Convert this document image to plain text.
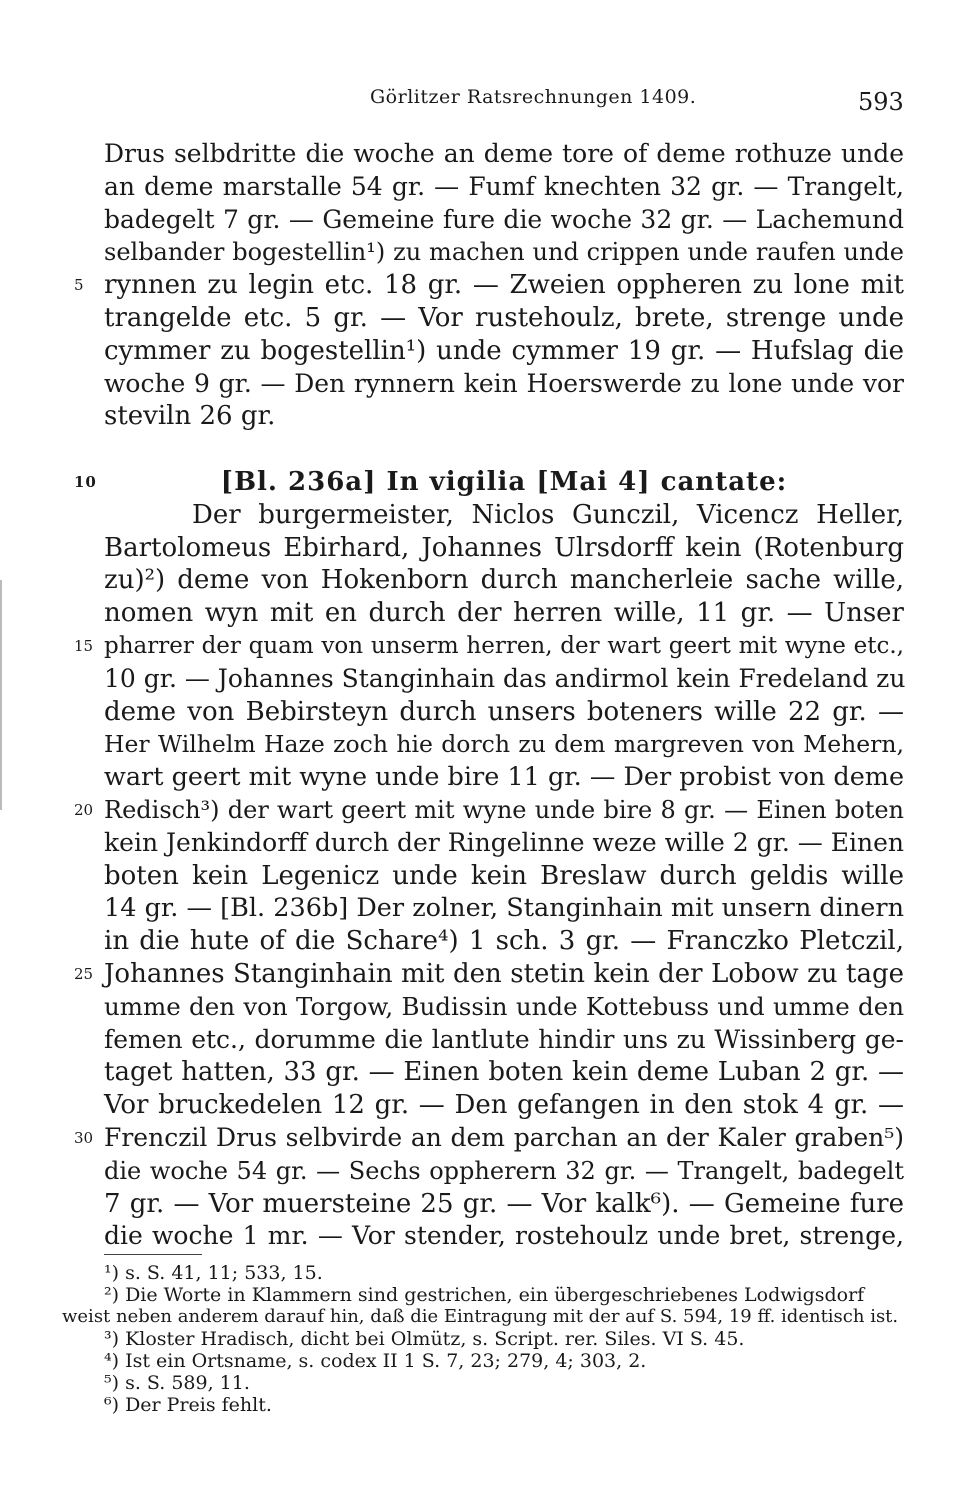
Görlitzer Ratsrechnungen 1409.	593
Drus selbdritte die woche an deme tore of deme rothuze unde
an deme marstalle 54 gr. — Fumf knechten 32 gr. — Trangelt,
badegelt 7 gr. — Gemeine fure die woche 32 gr. — Lachemund
selbander bogestellin¹) zu machen und crippen unde raufen unde
5 rynnen zu legin etc. 18 gr. — Zweien oppheren zu lone mit
trangelde etc. 5 gr. — Vor rustehoulz, brete, strenge unde
cymmer zu bogestellin¹) unde cymmer 19 gr. — Hufslag die
woche 9 gr. — Den rynnern kein Hoerswerde zu lone unde vor
steviln 26 gr.
10	[Bl. 236a] In vigilia [Mai 4] cantate:
Der burgermeister, Niclos Gunczil, Vicencz Heller,
Bartolomeus Ebirhard, Johannes Ulrsdorff kein (Rotenburg
zu)²) deme von Hokenborn durch mancherleie sache wille,
nomen wyn mit en durch der herren wille, 11 gr. — Unser
15 pharrer der quam von unserm herren, der wart geert mit wyne etc.,
10 gr. — Johannes Stanginhain das andirmol kein Fredeland zu
deme von Bebirsteyn durch unsers boteners wille 22 gr. —
Her Wilhelm Haze zoch hie dorch zu dem margreven von Mehern,
wart geert mit wyne unde bire 11 gr. — Der probist von deme
20 Redisch³) der wart geert mit wyne unde bire 8 gr. — Einen boten
kein Jenkindorff durch der Ringelinne weze wille 2 gr. — Einen
boten kein Legenicz unde kein Breslaw durch geldis wille
14 gr. — [Bl. 236b] Der zolner, Stanginhain mit unsern dinern
in die hute of die Schare⁴) 1 sch. 3 gr. — Franczko Pletczil,
25 Johannes Stanginhain mit den stetin kein der Lobow zu tage
umme den von Torgow, Budissin unde Kottebuss und umme den
femen etc., dorumme die lantlute hindir uns zu Wissinberg ge-
taget hatten, 33 gr. — Einen boten kein deme Luban 2 gr. —
Vor bruckedelen 12 gr. — Den gefangen in den stok 4 gr. —
30 Frenczil Drus selbvirde an dem parchan an der Kaler graben⁵)
die woche 54 gr. — Sechs oppherern 32 gr. — Trangelt, badegelt
7 gr. — Vor muersteine 25 gr. — Vor kalk⁶). — Gemeine fure
die woche 1 mr. — Vor stender, rostehoulz unde bret, strenge,
¹) s. S. 41, 11; 533, 15.
²) Die Worte in Klammern sind gestrichen, ein übergeschriebenes Lodwigsdorf
weist neben anderem darauf hin, daß die Eintragung mit der auf S. 594, 19 ff. identisch ist.
³) Kloster Hradisch, dicht bei Olmütz, s. Script. rer. Siles. VI S. 45.
⁴) Ist ein Ortsname, s. codex II 1 S. 7, 23; 279, 4; 303, 2.
⁵) s. S. 589, 11.
⁶) Der Preis fehlt.
